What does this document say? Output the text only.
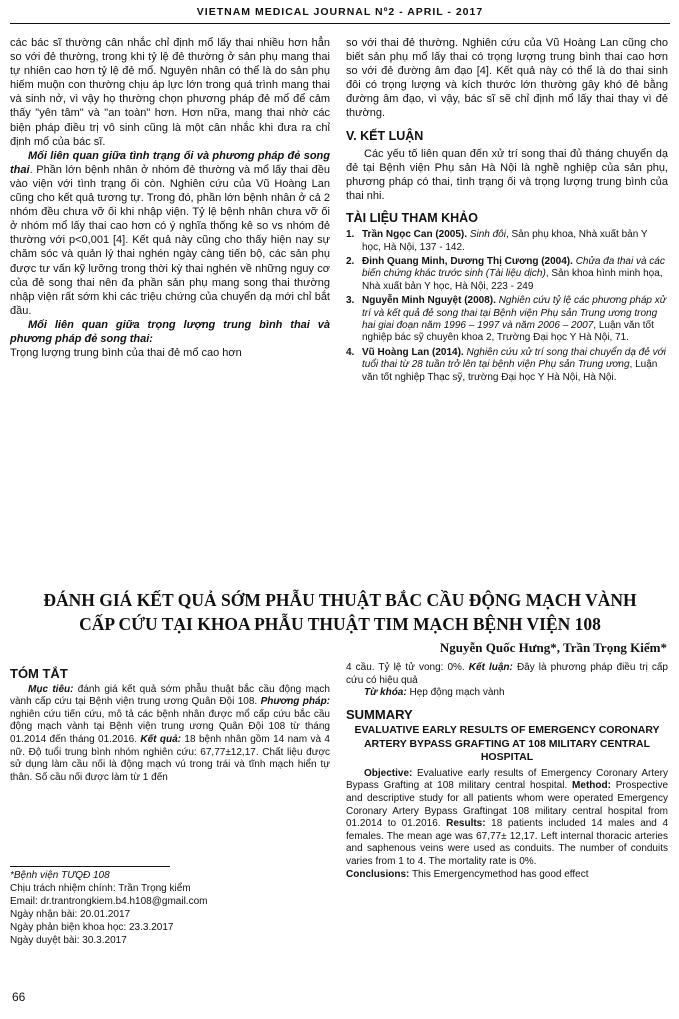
VIETNAM MEDICAL JOURNAL Nº2 - APRIL - 2017

các bác sĩ thường cân nhắc chỉ định mổ lấy thai nhiều hơn hẳn so với đẻ thường, trong khi tỷ lệ đẻ thường ở sản phụ mang thai tự nhiên cao hơn tỷ lệ đẻ mổ. Nguyên nhân có thể là do sản phụ hiếm muộn con thường chịu áp lực lớn trong quá trình mang thai và sinh nở, vì vậy họ thường chọn phương pháp đẻ mổ để cảm thấy "yên tâm" và "an toàn" hơn. Hơn nữa, mang thai nhờ các biện pháp điều trị vô sinh cũng là một cân nhắc khi đưa ra chỉ định mổ của bác sĩ.

Mối liên quan giữa tình trạng ối và phương pháp đẻ song thai. Phần lớn bệnh nhân ở nhóm đẻ thường và mổ lấy thai đều vào viện với tình trạng ối còn. Nghiên cứu của Vũ Hoàng Lan cũng cho kết quả tương tự. Trong đó, phần lớn bệnh nhân ở cả 2 nhóm đều chưa vỡ ối khi nhập viện. Tỷ lệ bệnh nhân chưa vỡ ối ở nhóm mổ lấy thai cao hơn có ý nghĩa thống kê so vs nhóm đẻ thường với p<0,001 [4]. Kết quả này cũng cho thấy hiện nay sự chăm sóc và quản lý thai nghén ngày càng tiến bộ, các sản phụ được tư vấn kỹ lưỡng trong thời kỳ thai nghén về những nguy cơ của đẻ song thai nên đa phần sản phụ mang song thai thường nhập viện rất sớm khi các triệu chứng của chuyển dạ mới chỉ bắt đầu.

Mối liên quan giữa trọng lượng trung bình thai và phương pháp đẻ song thai:

Trọng lượng trung bình của thai đẻ mổ cao hơn

so với thai đẻ thường. Nghiên cứu của Vũ Hoàng Lan cũng cho biết sản phụ mổ lấy thai có trọng lượng trung bình thai cao hơn so với đẻ đường âm đạo [4]. Kết quả này có thể là do thai sinh đôi có trọng lượng và kích thước lớn thường gây khó đẻ bằng đường âm đạo, vì vậy, bác sĩ sẽ chỉ định mổ lấy thai thay vì đẻ thường.

V. KẾT LUẬN

Các yếu tố liên quan đến xử trí song thai đủ tháng chuyển dạ đẻ tại Bệnh viện Phụ sản Hà Nội là nghề nghiệp của sản phụ, phương pháp có thai, tình trạng ối và trọng lượng trung bình của thai nhi.

TÀI LIỆU THAM KHẢO
1. Trần Ngọc Can (2005). Sinh đôi, Sản phụ khoa, Nhà xuất bản Y học, Hà Nội, 137 - 142.
2. Đinh Quang Minh, Dương Thị Cương (2004). Chửa đa thai và các biến chứng khác trước sinh (Tài liệu dịch), Sản khoa hình minh họa, Nhà xuất bản Y học, Hà Nội, 223 - 249
3. Nguyễn Minh Nguyệt (2008). Nghiên cứu tỷ lệ các phương pháp xử trí và kết quả đẻ song thai tại Bệnh viện Phụ sản Trung ương trong hai giai đoạn năm 1996 – 1997 và năm 2006 – 2007, Luận văn tốt nghiệp bác sỹ chuyên khoa 2, Trường Đại học Y Hà Nội, 71.
4. Vũ Hoàng Lan (2014). Nghiên cứu xử trí song thai chuyển dạ đẻ với tuổi thai từ 28 tuần trở lên tại bệnh viện Phụ sản Trung ương, Luận văn tốt nghiệp Thạc sỹ, trường Đại học Y Hà Nội, Hà Nội.
ĐÁNH GIÁ KẾT QUẢ SỚM PHẪU THUẬT BẮC CẦU ĐỘNG MẠCH VÀNH
CẤP CỨU TẠI KHOA PHẪU THUẬT TIM MẠCH BỆNH VIỆN 108
Nguyễn Quốc Hưng*, Trần Trọng Kiểm*
TÓM TẮT

Mục tiêu: đánh giá kết quả sớm phẫu thuật bắc cầu động mạch vành cấp cứu tại Bệnh viện trung ương Quân Đội 108. Phương pháp: nghiên cứu tiến cứu, mô tả các bệnh nhân được mổ cấp cứu bắc cầu động mạch vành tại Bệnh viện trung ương Quân Đội 108 từ tháng 01.2014 đến tháng 01.2016. Kết quả: 18 bệnh nhân gồm 14 nam và 4 nữ. Độ tuổi trung bình nhóm nghiên cứu: 67,77±12,17. Chất liệu được sử dụng làm cầu nối là động mạch vú trong trái và tĩnh mạch hiển tự thân. Số cầu nối được làm từ 1 đến

*Bệnh viện TƯQĐ 108

Chịu trách nhiệm chính: Trần Trọng kiểm

Email: dr.trantrongkiem.b4.h108@gmail.com

Ngày nhận bài: 20.01.2017

Ngày phản biện khoa học: 23.3.2017

Ngày duyệt bài: 30.3.2017

4 cầu. Tỷ lệ tử vong: 0%. Kết luận: Đây là phương pháp điều trị cấp cứu có hiệu quả

Từ khóa: Hẹp động mạch vành

SUMMARY
EVALUATIVE EARLY RESULTS OF EMERGENCY CORONARY ARTERY BYPASS GRAFTING AT 108 MILITARY CENTRAL HOSPITAL

Objective: Evaluative early results of Emergency Coronary Artery Bypass Grafting at 108 military central hospital. Method: Prospective and descriptive study for all patients whom were operated Emergency Coronary Artery Bypass Graftingat 108 military central hospital from 01.2014 to 01.2016. Results: 18 patients included 14 males and 4 females. The mean age was 67,77± 12,17. Left internal thoracic arteries and saphenous veins were used as conduits. The number of conduits varies from 1 to 4. The mortality rate is 0%.

Conclusions: This Emergencymethod has good effect

66
